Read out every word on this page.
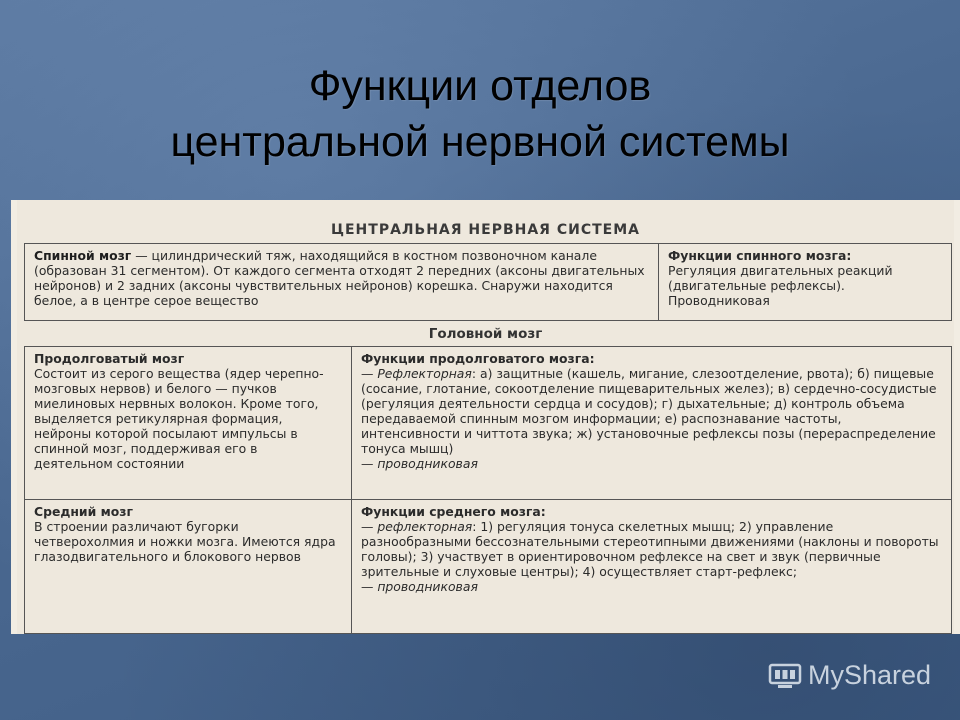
Функции отделов
центральной нервной системы
ЦЕНТРАЛЬНАЯ НЕРВНАЯ СИСТЕМА
Спинной мозг — цилиндрический тяж, находящийся в костном позвоночном канале (образован 31 сегментом). От каждого сегмента отходят 2 передних (аксоны двигательных нейронов) и 2 задних (аксоны чувствительных нейронов) корешка. Снаружи находится белое, а в центре серое вещество
Функции спинного мозга:
Регуляция двигательных реакций (двигательные рефлексы). Проводниковая
Головной мозг
Продолговатый мозг
Состоит из серого вещества (ядер черепно-мозговых нервов) и белого — пучков миелиновых нервных волокон. Кроме того, выделяется ретикулярная формация, нейроны которой посылают импульсы в спинной мозг, поддерживая его в деятельном состоянии
Функции продолговатого мозга:
— Рефлекторная: а) защитные (кашель, мигание, слезоотделение, рвота); б) пищевые (сосание, глотание, сокоотделение пищеварительных желез); в) сердечно-сосудистые (регуляция деятельности сердца и сосудов); г) дыхательные; д) контроль объема передаваемой спинным мозгом информации; е) распознавание частоты, интенсивности и читтота звука; ж) установочные рефлексы позы (перераспределение тонуса мышц)
— проводниковая
Средний мозг
В строении различают бугорки четверохолмия и ножки мозга. Имеются ядра глазодвигательного и блокового нервов
Функции среднего мозга:
— рефлекторная: 1) регуляция тонуса скелетных мышц; 2) управление разнообразными бессознательными стереотипными движениями (наклоны и повороты головы); 3) участвует в ориентировочном рефлексе на свет и звук (первичные зрительные и слуховые центры); 4) осуществляет старт-рефлекс;
— проводниковая
MyShared
